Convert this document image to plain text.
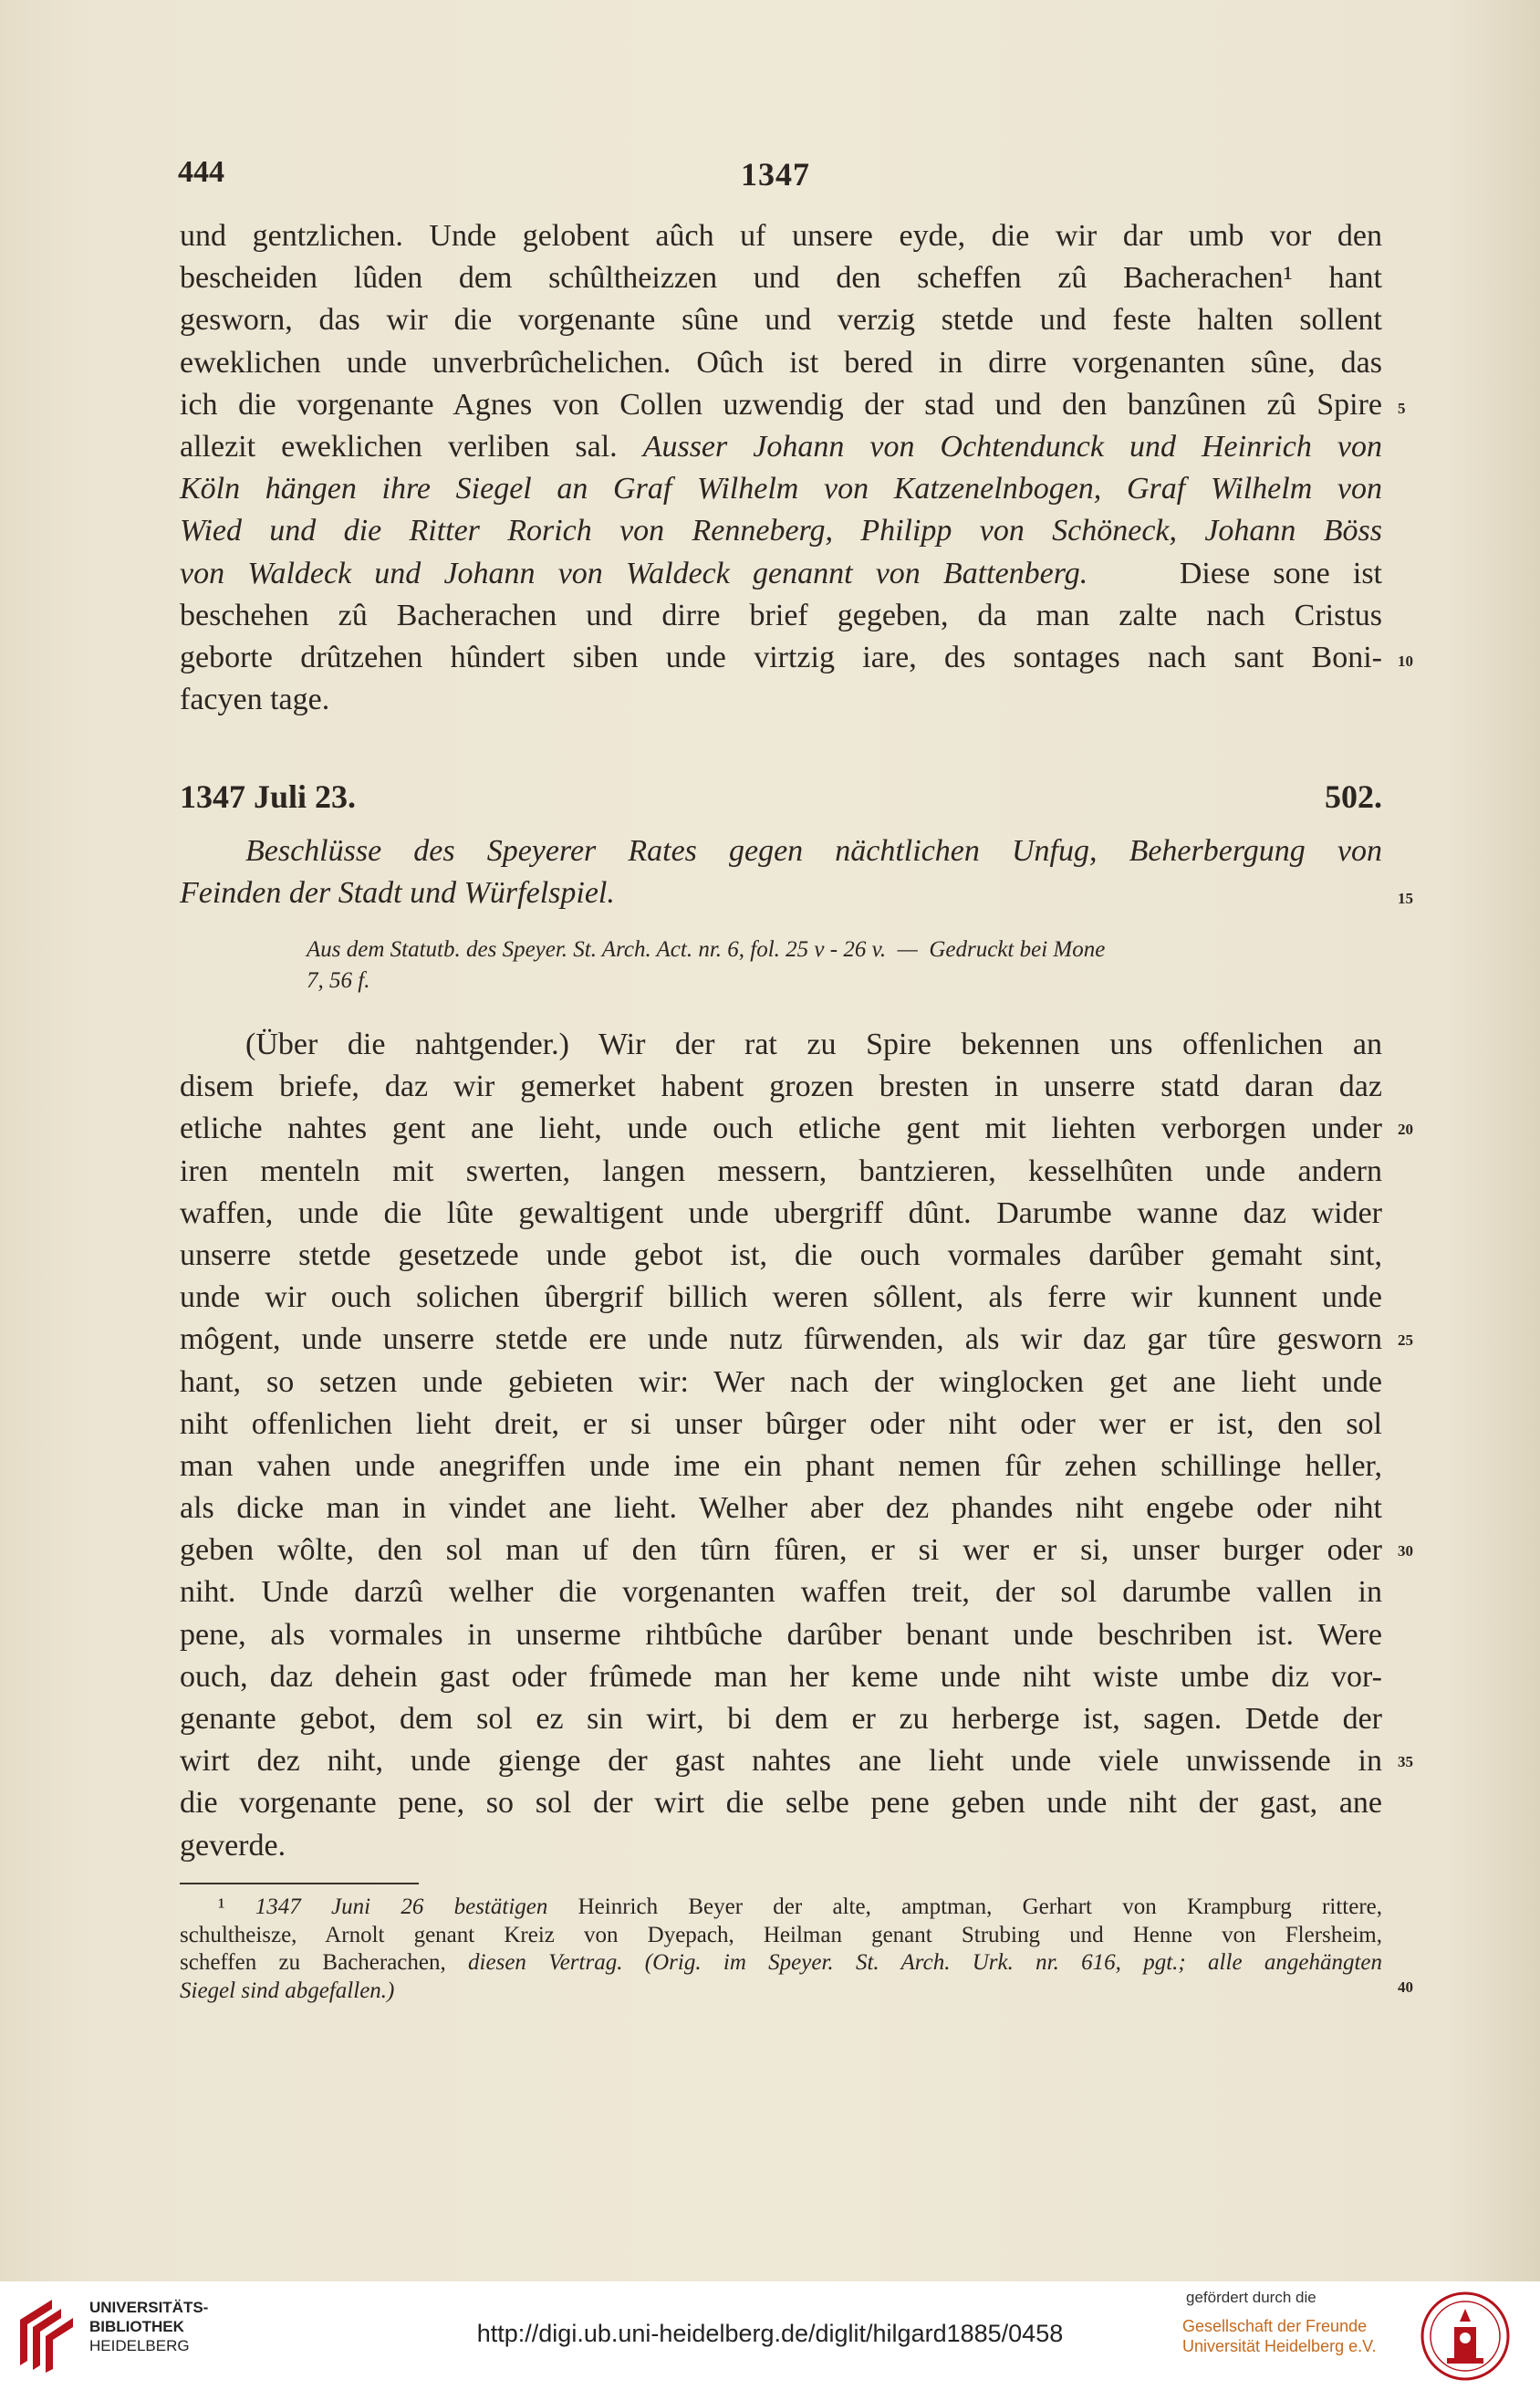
444	1347
und gentzlichen. Unde gelobent aûch uf unsere eyde, die wir dar umb vor den
bescheiden lûden dem schûltheizzen und den scheffen zû Bacherachen¹ hant
gesworn, das wir die vorgenante sûne und verzig stetde und feste halten sollent
eweklichen unde unverbrûchelichen. Oûch ist bered in dirre vorgenanten sûne, das
ich die vorgenante Agnes von Collen uzwendig der stad und den banzûnen zû Spire
allezit eweklichen verliben sal. Ausser Johann von Ochtendunck und Heinrich von
Köln hängen ihre Siegel an Graf Wilhelm von Katzenelnbogen, Graf Wilhelm von
Wied und die Ritter Rorich von Renneberg, Philipp von Schöneck, Johann Böss
von Waldeck und Johann von Waldeck genannt von Battenberg.    Diese sone ist
beschehen zû Bacherachen und dirre brief gegeben, da man zalte nach Cristus
geborte drûtzehen hûndert siben unde virtzig iare, des sontages nach sant Boni-
facyen tage.
5
10
15
20
25
30
35
40
1347 Juli 23.	502.
Beschlüsse des Speyerer Rates gegen nächtlichen Unfug, Beherbergung von
Feinden der Stadt und Würfelspiel.
Aus dem Statutb. des Speyer. St. Arch. Act. nr. 6, fol. 25 v - 26 v.  —  Gedruckt bei Mone
7, 56 f.
(Über die nahtgender.) Wir der rat zu Spire bekennen uns offenlichen an
disem briefe, daz wir gemerket habent grozen bresten in unserre statd daran daz
etliche nahtes gent ane lieht, unde ouch etliche gent mit liehten verborgen under
iren menteln mit swerten, langen messern, bantzieren, kesselhûten unde andern
waffen, unde die lûte gewaltigent unde ubergriff dûnt. Darumbe wanne daz wider
unserre stetde gesetzede unde gebot ist, die ouch vormales darûber gemaht sint,
unde wir ouch solichen ûbergrif billich weren sôllent, als ferre wir kunnent unde
môgent, unde unserre stetde ere unde nutz fûrwenden, als wir daz gar tûre gesworn
hant, so setzen unde gebieten wir: Wer nach der winglocken get ane lieht unde
niht offenlichen lieht dreit, er si unser bûrger oder niht oder wer er ist, den sol
man vahen unde anegriffen unde ime ein phant nemen fûr zehen schillinge heller,
als dicke man in vindet ane lieht. Welher aber dez phandes niht engebe oder niht
geben wôlte, den sol man uf den tûrn fûren, er si wer er si, unser burger oder
niht. Unde darzû welher die vorgenanten waffen treit, der sol darumbe vallen in
pene, als vormales in unserme rihtbûche darûber benant unde beschriben ist. Were
ouch, daz dehein gast oder frûmede man her keme unde niht wiste umbe diz vor-
genante gebot, dem sol ez sin wirt, bi dem er zu herberge ist, sagen. Detde der
wirt dez niht, unde gienge der gast nahtes ane lieht unde viele unwissende in
die vorgenante pene, so sol der wirt die selbe pene geben unde niht der gast, ane
geverde.
¹ 1347 Juni 26 bestätigen Heinrich Beyer der alte, amptman, Gerhart von Krampburg rittere,
schultheisze, Arnolt genant Kreiz von Dyepach, Heilman genant Strubing und Henne von Flersheim,
scheffen zu Bacherachen, diesen Vertrag. (Orig. im Speyer. St. Arch. Urk. nr. 616, pgt.; alle angehängten
Siegel sind abgefallen.)
UNIVERSITÄTS-
BIBLIOTHEK
HEIDELBERG	http://digi.ub.uni-heidelberg.de/diglit/hilgard1885/0458
gefördert durch die
Gesellschaft der Freunde
Universität Heidelberg e.V.
